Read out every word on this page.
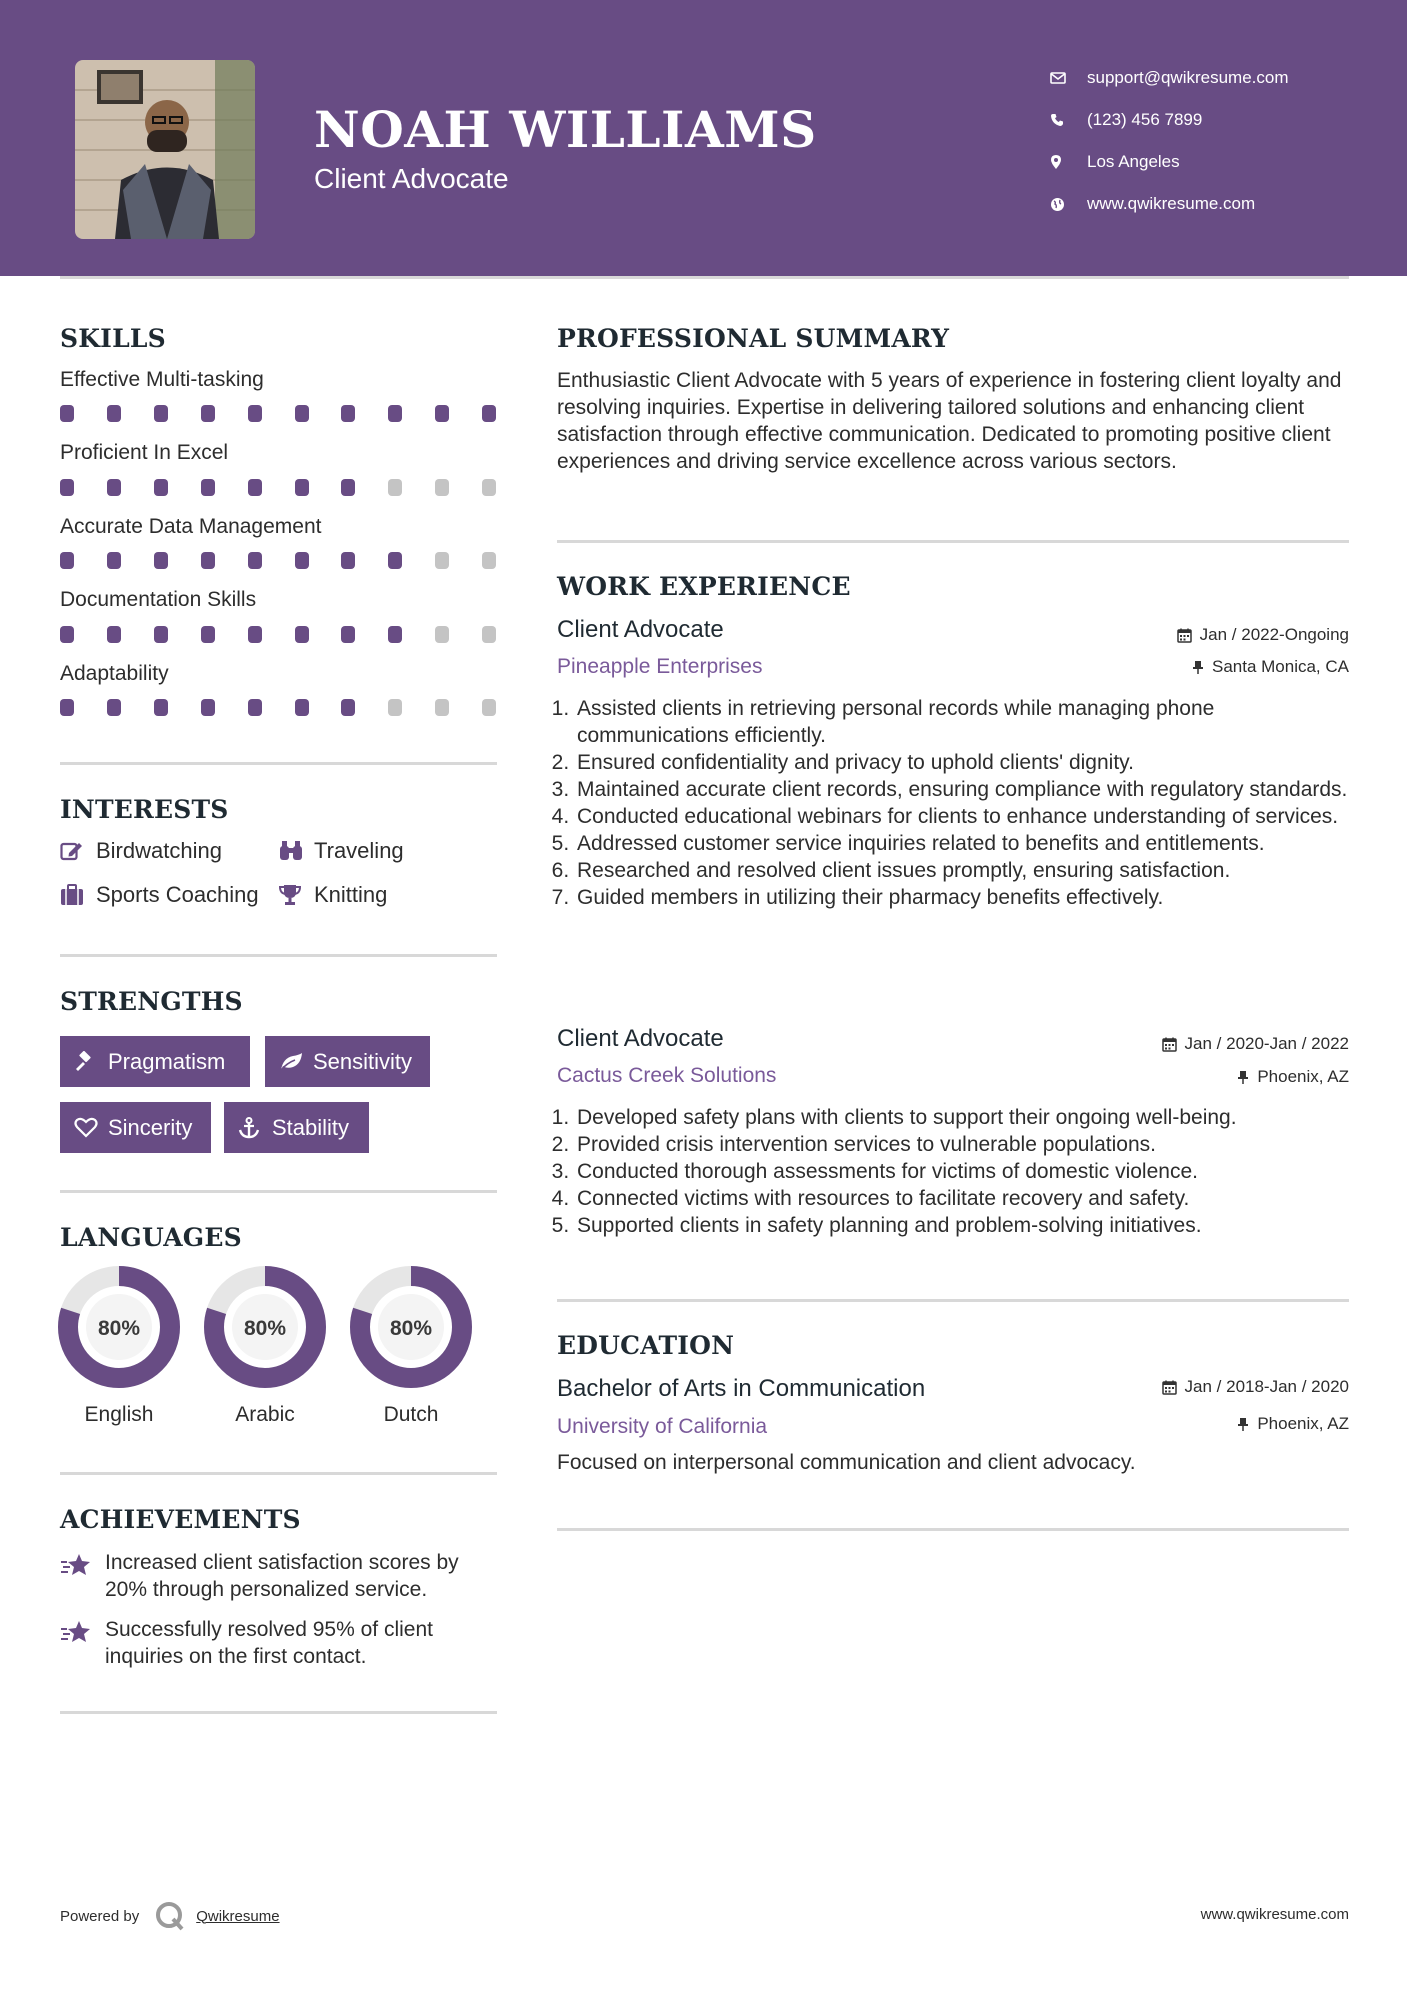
NOAH WILLIAMS
Client Advocate
support@qwikresume.com
(123) 456 7899
Los Angeles
www.qwikresume.com
SKILLS
Effective Multi-tasking
Proficient In Excel
Accurate Data Management
Documentation Skills
Adaptability
INTERESTS
Birdwatching	Traveling
Sports Coaching	Knitting
STRENGTHS
Pragmatism	Sensitivity
Sincerity	Stability
LANGUAGES
80%	80%	80%
English	Arabic	Dutch
ACHIEVEMENTS
Increased client satisfaction scores by 20% through personalized service.
Successfully resolved 95% of client inquiries on the first contact.
PROFESSIONAL SUMMARY
Enthusiastic Client Advocate with 5 years of experience in fostering client loyalty and resolving inquiries. Expertise in delivering tailored solutions and enhancing client satisfaction through effective communication. Dedicated to promoting positive client experiences and driving service excellence across various sectors.
WORK EXPERIENCE
Client Advocate	Jan / 2022-Ongoing
Pineapple Enterprises	Santa Monica, CA
1. Assisted clients in retrieving personal records while managing phone communications efficiently.
2. Ensured confidentiality and privacy to uphold clients' dignity.
3. Maintained accurate client records, ensuring compliance with regulatory standards.
4. Conducted educational webinars for clients to enhance understanding of services.
5. Addressed customer service inquiries related to benefits and entitlements.
6. Researched and resolved client issues promptly, ensuring satisfaction.
7. Guided members in utilizing their pharmacy benefits effectively.
Client Advocate	Jan / 2020-Jan / 2022
Cactus Creek Solutions	Phoenix, AZ
1. Developed safety plans with clients to support their ongoing well-being.
2. Provided crisis intervention services to vulnerable populations.
3. Conducted thorough assessments for victims of domestic violence.
4. Connected victims with resources to facilitate recovery and safety.
5. Supported clients in safety planning and problem-solving initiatives.
EDUCATION
Bachelor of Arts in Communication	Jan / 2018-Jan / 2020
University of California	Phoenix, AZ
Focused on interpersonal communication and client advocacy.
Powered by	Qwikresume	www.qwikresume.com
